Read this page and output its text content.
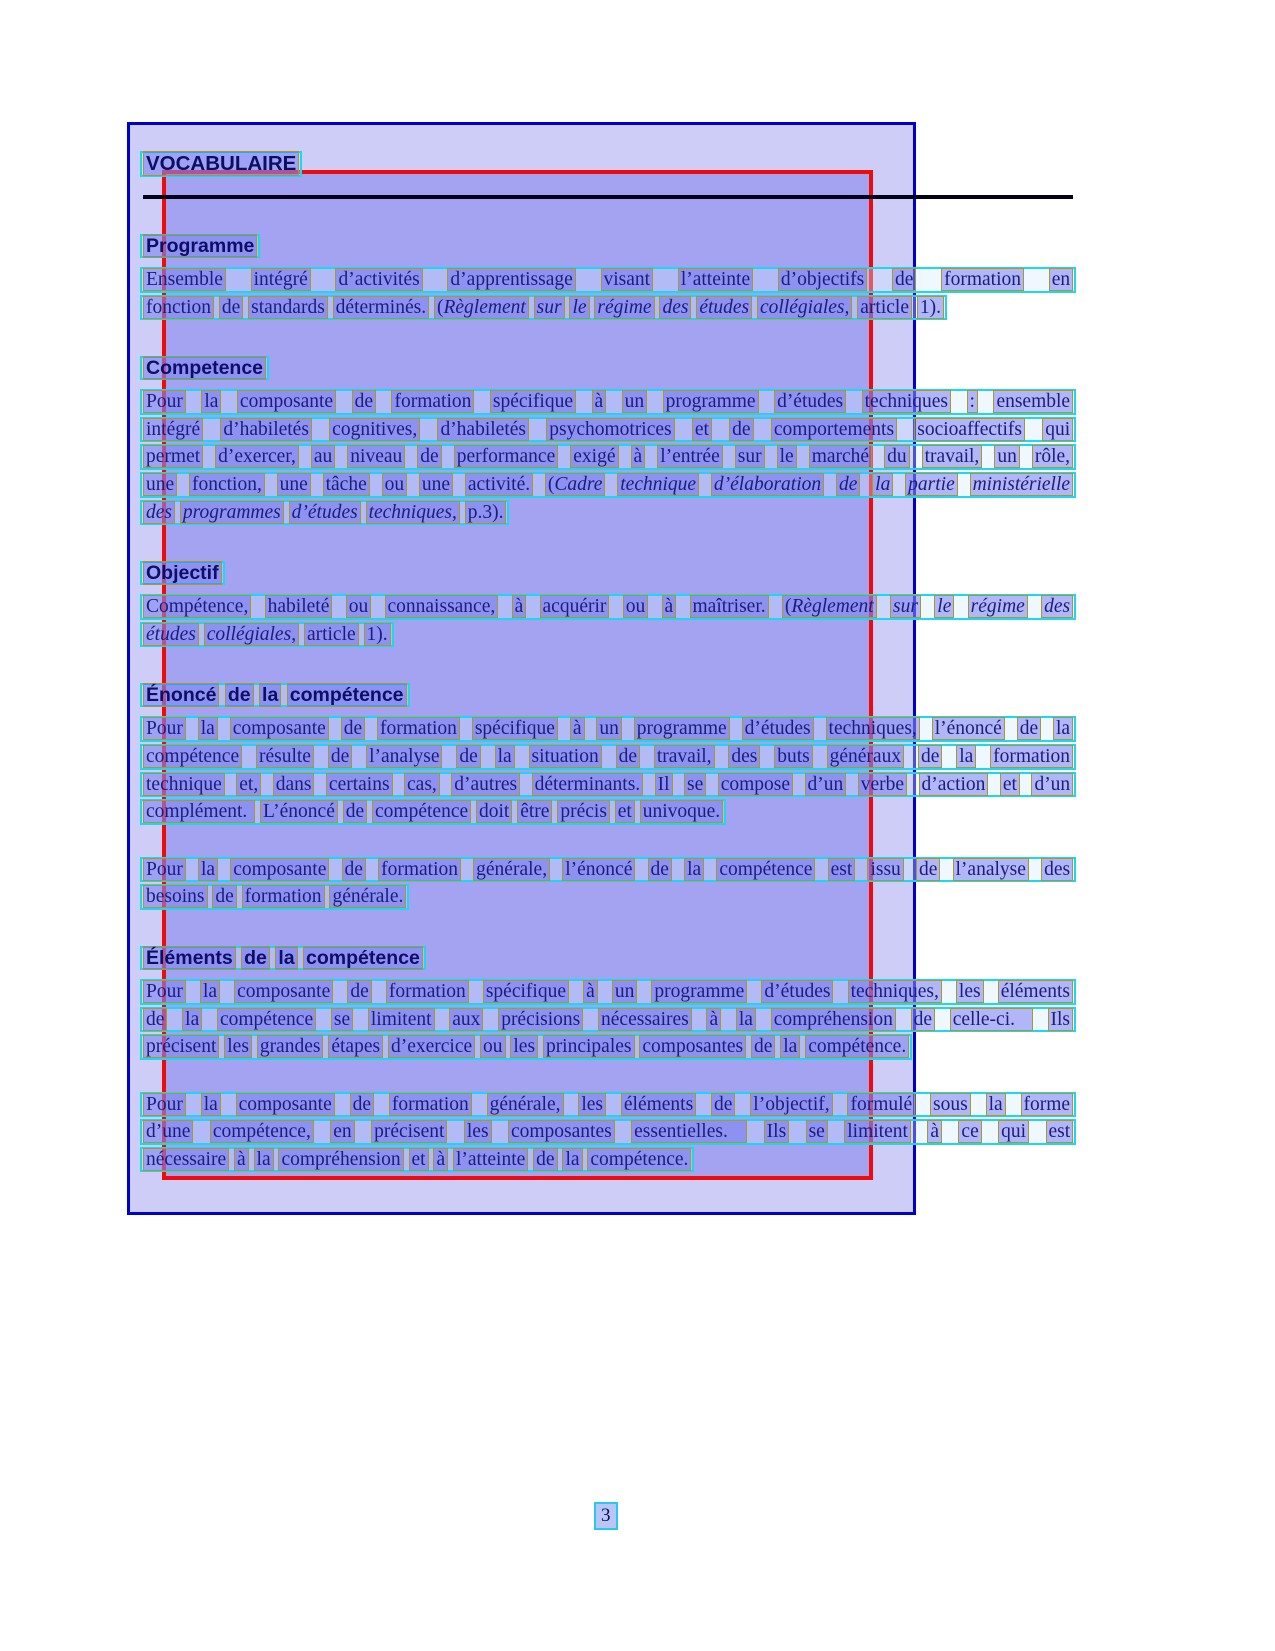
VOCABULAIRE
Programme
Ensemble intégré d’activités d’apprentissage visant l’atteinte d’objectifs de formation en
fonction de standards déterminés. (Règlement sur le régime des études collégiales, article 1).
Competence
Pour la composante de formation spécifique à un programme d’études techniques : ensemble
intégré d’habiletés cognitives, d’habiletés psychomotrices et de comportements socioaffectifs qui
permet d’exercer, au niveau de performance exigé à l’entrée sur le marché du travail, un rôle,
une fonction, une tâche ou une activité. (Cadre technique d’élaboration de la partie ministérielle
des programmes d’études techniques, p.3).
Objectif
Compétence, habileté ou connaissance, à acquérir ou à maîtriser. (Règlement sur le régime des
études collégiales, article 1).
Énoncé de la compétence
Pour la composante de formation spécifique à un programme d’études techniques, l’énoncé de la
compétence résulte de l’analyse de la situation de travail, des buts généraux de la formation
technique et, dans certains cas, d’autres déterminants. Il se compose d’un verbe d’action et d’un
complément.  L’énoncé de compétence doit être précis et univoque.
Pour la composante de formation générale, l’énoncé de la compétence est issu de l’analyse des
besoins de formation générale.
Éléments de la compétence
Pour la composante de formation spécifique à un programme d’études techniques, les éléments
de la compétence se limitent aux précisions nécessaires à la compréhension de celle-ci.  Ils
précisent les grandes étapes d’exercice ou les principales composantes de la compétence.
Pour la composante de formation générale, les éléments de l’objectif, formulé sous la forme
d’une compétence, en précisent les composantes essentielles.  Ils se limitent à ce qui est
nécessaire à la compréhension et à l’atteinte de la compétence.
3
